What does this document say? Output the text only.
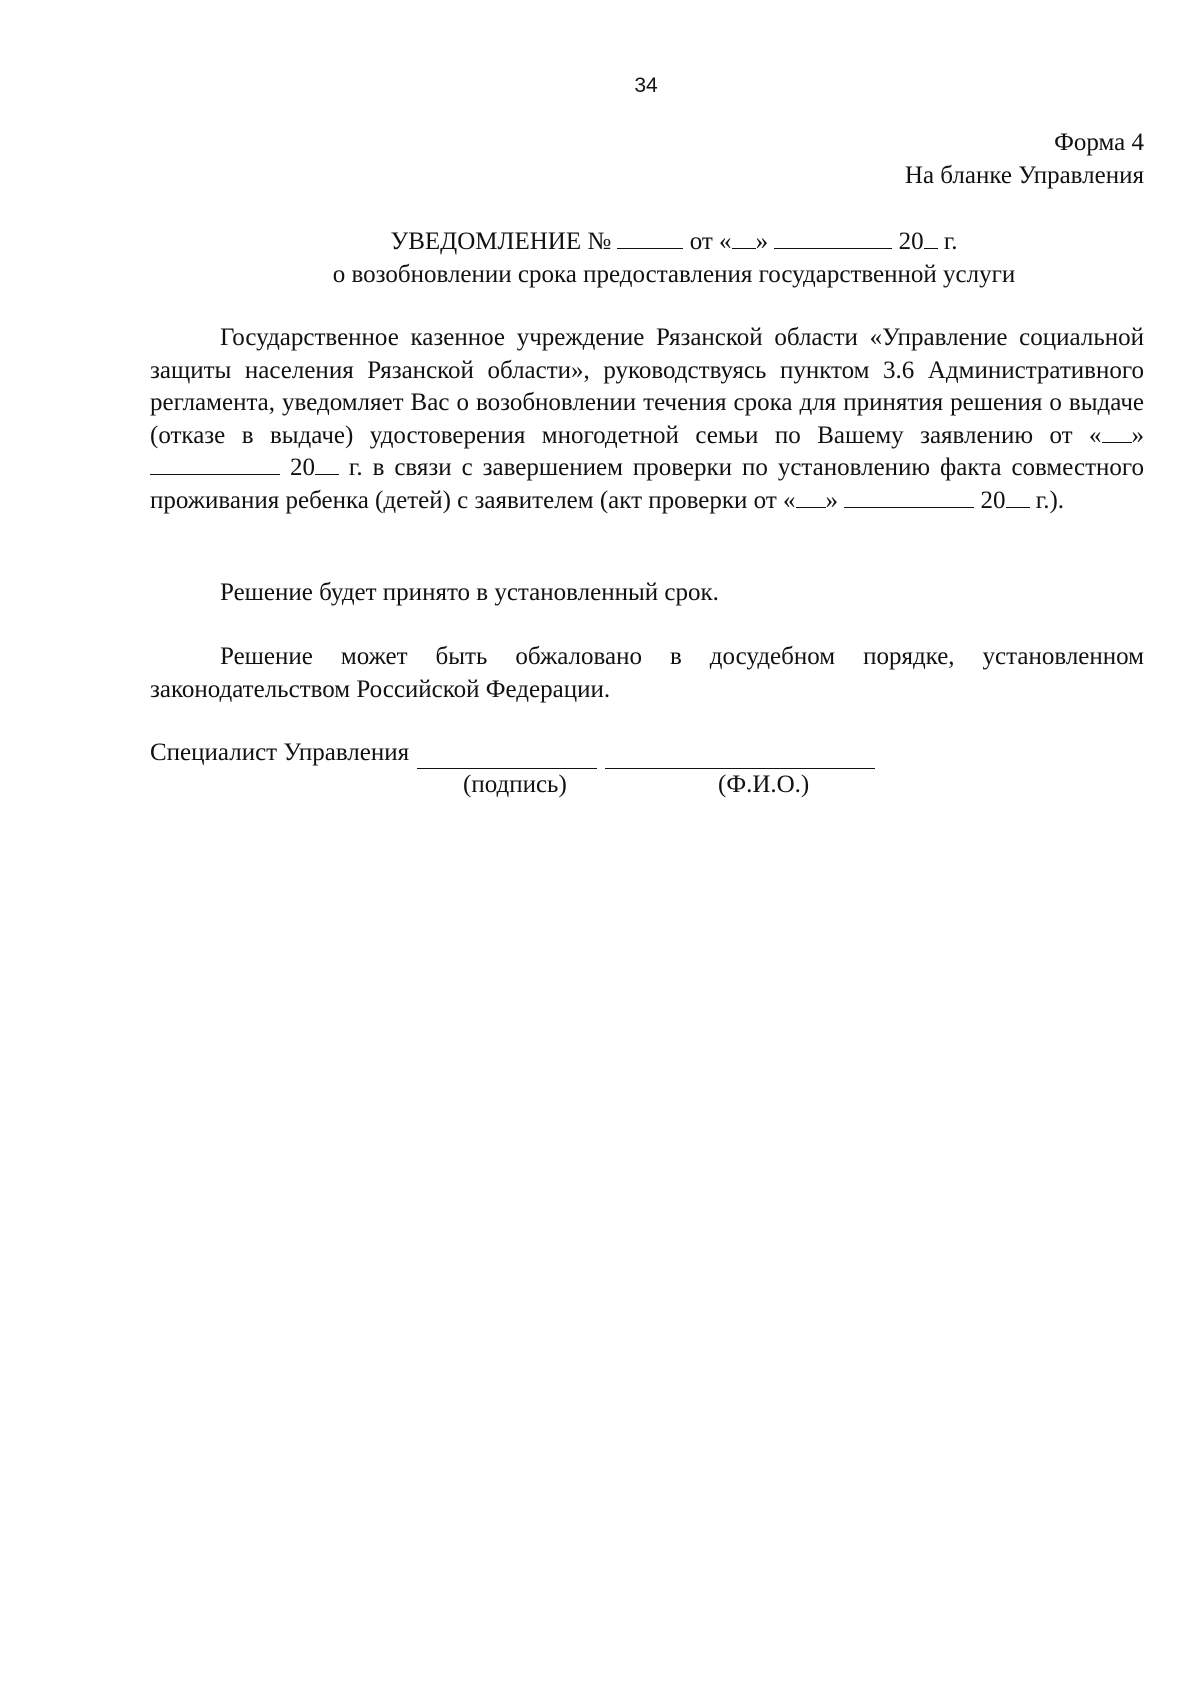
34
Форма 4
На бланке Управления
УВЕДОМЛЕНИЕ №	от « »	20 г.
о возобновлении срока предоставления государственной услуги
Государственное казенное учреждение Рязанской области «Управление социальной защиты населения Рязанской области», руководствуясь пунктом 3.6 Административного регламента, уведомляет Вас о возобновлении течения срока для принятия решения о выдаче (отказе в выдаче) удостоверения многодетной семьи по Вашему заявлению от « »  20 г. в связи с завершением проверки по установлению факта совместного проживания ребенка (детей) с заявителем (акт проверки от « »	20 г.).
Решение будет принято в установленный срок.
Решение может быть обжаловано в досудебном порядке, установленном законодательством Российской Федерации.
Специалист Управления
(подпись)	(Ф.И.О.)
